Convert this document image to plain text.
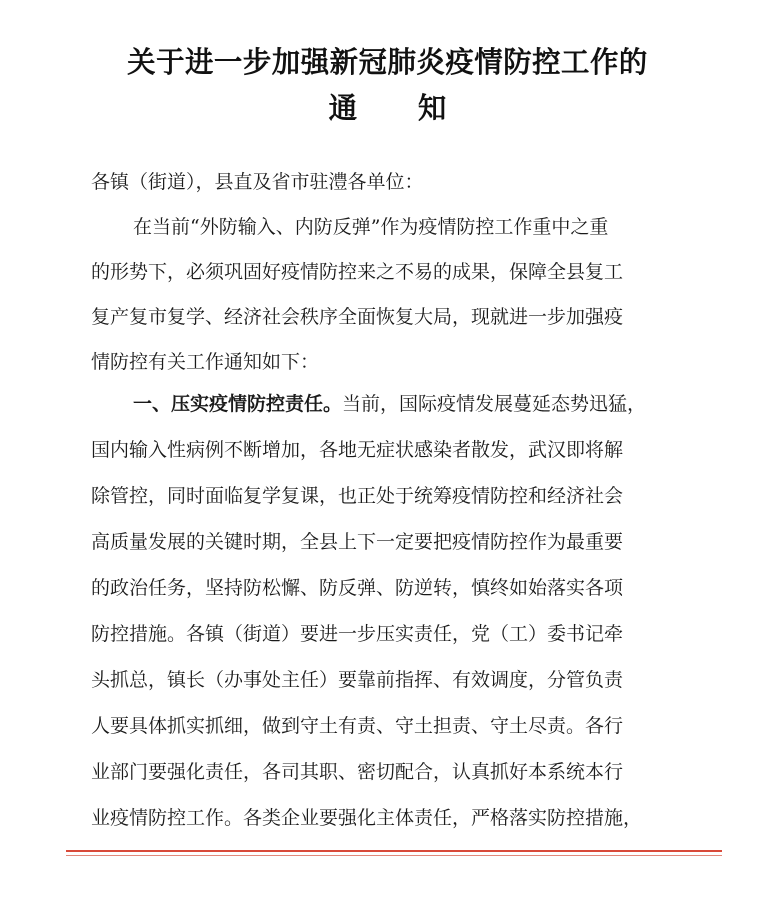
关于进一步加强新冠肺炎疫情防控工作的
通知
各镇（街道），县直及省市驻澧各单位：
在当前“外防输入、内防反弹”作为疫情防控工作重中之重
的形势下，必须巩固好疫情防控来之不易的成果，保障全县复工
复产复市复学、经济社会秩序全面恢复大局，现就进一步加强疫
情防控有关工作通知如下：
一、压实疫情防控责任。当前，国际疫情发展蔓延态势迅猛，
国内输入性病例不断增加，各地无症状感染者散发，武汉即将解
除管控，同时面临复学复课，也正处于统筹疫情防控和经济社会
高质量发展的关键时期，全县上下一定要把疫情防控作为最重要
的政治任务，坚持防松懈、防反弹、防逆转，慎终如始落实各项
防控措施。各镇（街道）要进一步压实责任，党（工）委书记牵
头抓总，镇长（办事处主任）要靠前指挥、有效调度，分管负责
人要具体抓实抓细，做到守土有责、守土担责、守土尽责。各行
业部门要强化责任，各司其职、密切配合，认真抓好本系统本行
业疫情防控工作。各类企业要强化主体责任，严格落实防控措施，
